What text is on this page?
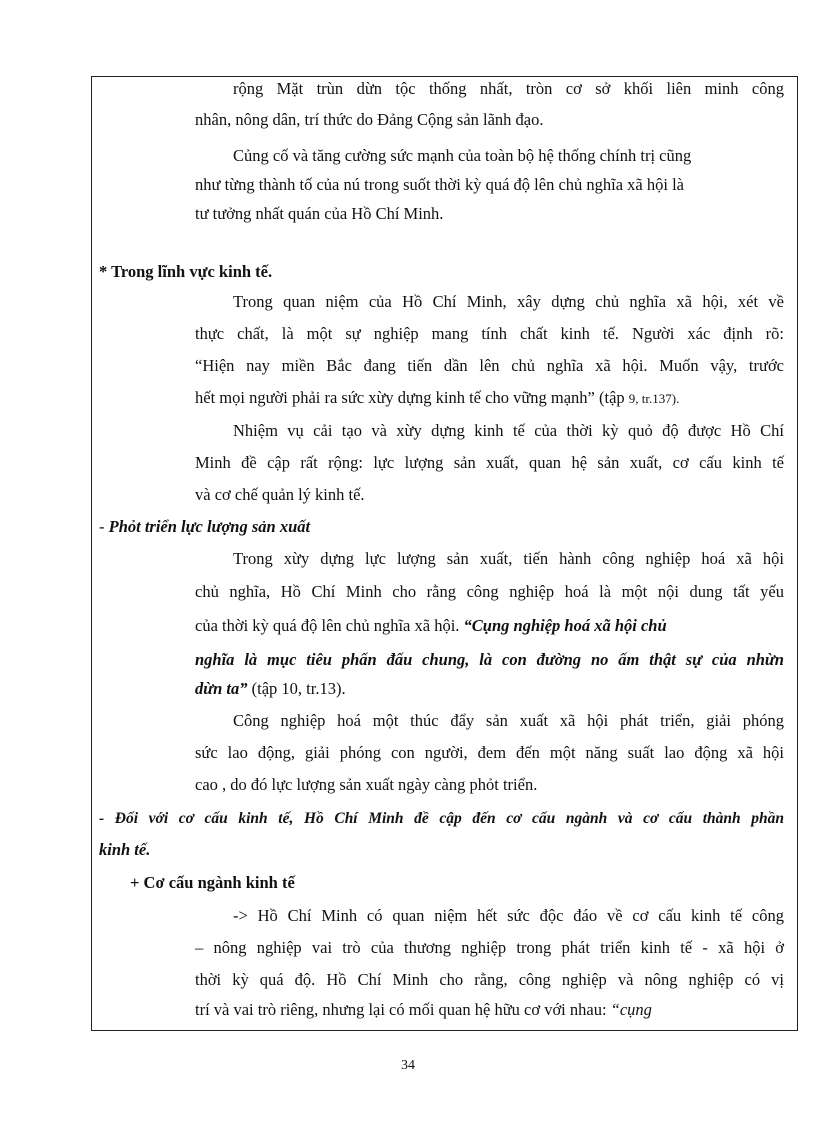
rộng Mặt trùn dừn tộc thống nhất, tròn cơ sở khối liên minh công
nhân, nông dân, trí thức do Đảng Cộng sản lãnh đạo.
Củng cố và tăng cường sức mạnh của toàn bộ hệ thống chính trị cũng
như từng thành tố của nú trong suốt thời kỳ quá độ lên chủ nghĩa xã hội là
tư tưởng nhất quán của Hồ Chí Minh.
* Trong lĩnh vực kinh tế.
Trong quan niệm của Hồ Chí Minh, xây dựng chủ nghĩa xã hội, xét về
thực chất, là một sự nghiệp mang tính chất kinh tế. Người xác định rõ:
“Hiện nay miền Bắc đang tiến dần lên chủ nghĩa xã hội. Muốn vậy, trước
hết mọi người phải ra sức xừy dựng kinh tế cho vững mạnh” (tập 9, tr.137).
Nhiệm vụ cải tạo và xừy dựng kinh tế của thời kỳ quỏ độ được Hồ Chí
Minh đề cập rất rộng: lực lượng sản xuất, quan hệ sản xuất, cơ cấu kinh tế
và cơ chế quản lý kinh tế.
- Phỏt triển lực lượng sản xuất
Trong xừy dựng lực lượng sản xuất, tiến hành công nghiệp hoá xã hội
chủ nghĩa, Hồ Chí Minh cho rằng công nghiệp hoá là một nội dung tất yếu
của thời kỳ quá độ lên chủ nghĩa xã hội. “Cụng nghiệp hoá xã hội chủ
nghĩa là mục tiêu phấn đấu chung, là con đường no ấm thật sự của nhừn
dừn ta” (tập 10, tr.13).
Công nghiệp hoá một thúc đẩy sản xuất xã hội phát triển, giải phóng
sức lao động, giải phóng con người, đem đến một năng suất lao động xã hội
cao , do đó lực lượng sản xuất ngày càng phỏt triển.
- Đối với cơ cấu kinh tế, Hồ Chí Minh đề cập đến cơ cấu ngành và cơ cấu thành phần
kinh tế.
+ Cơ cấu ngành kinh tế
-> Hồ Chí Minh có quan niệm hết sức độc đáo về cơ cấu kinh tế công
– nông nghiệp vai trò của thương nghiệp trong phát triển kinh tế - xã hội ở
thời kỳ quá độ. Hồ Chí Minh cho rằng, công nghiệp và nông nghiệp có vị
trí và vai trò riêng, nhưng lại có mối quan hệ hữu cơ với nhau: “cụng
34
